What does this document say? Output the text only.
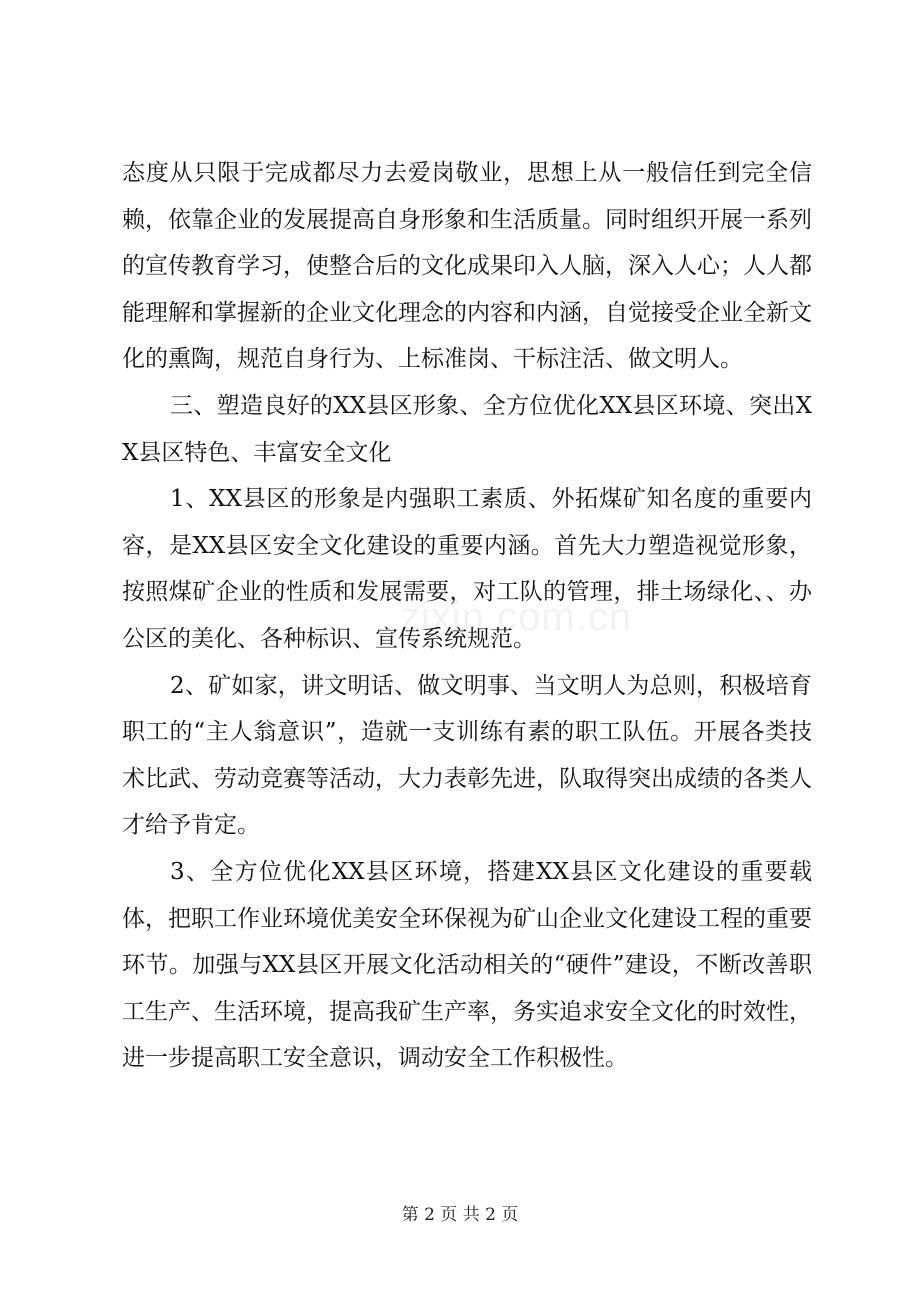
zixin.com.cn

态度从只限于完成都尽力去爱岗敬业，思想上从一般信任到完全信赖，依靠企业的发展提高自身形象和生活质量。同时组织开展一系列的宣传教育学习，使整合后的文化成果印入人脑，深入人心；人人都能理解和掌握新的企业文化理念的内容和内涵，自觉接受企业全新文化的熏陶，规范自身行为、上标准岗、干标注活、做文明人。

三、塑造良好的XX县区形象、全方位优化XX县区环境、突出XX县区特色、丰富安全文化

1、XX县区的形象是内强职工素质、外拓煤矿知名度的重要内容，是XX县区安全文化建设的重要内涵。首先大力塑造视觉形象，按照煤矿企业的性质和发展需要，对工队的管理，排土场绿化、、办公区的美化、各种标识、宣传系统规范。

2、矿如家，讲文明话、做文明事、当文明人为总则，积极培育职工的“主人翁意识”，造就一支训练有素的职工队伍。开展各类技术比武、劳动竞赛等活动，大力表彰先进，队取得突出成绩的各类人才给予肯定。

3、全方位优化XX县区环境，搭建XX县区文化建设的重要载体，把职工作业环境优美安全环保视为矿山企业文化建设工程的重要环节。加强与XX县区开展文化活动相关的“硬件”建设，不断改善职工生产、生活环境，提高我矿生产率，务实追求安全文化的时效性，进一步提高职工安全意识，调动安全工作积极性。

第 2 页 共 2 页
